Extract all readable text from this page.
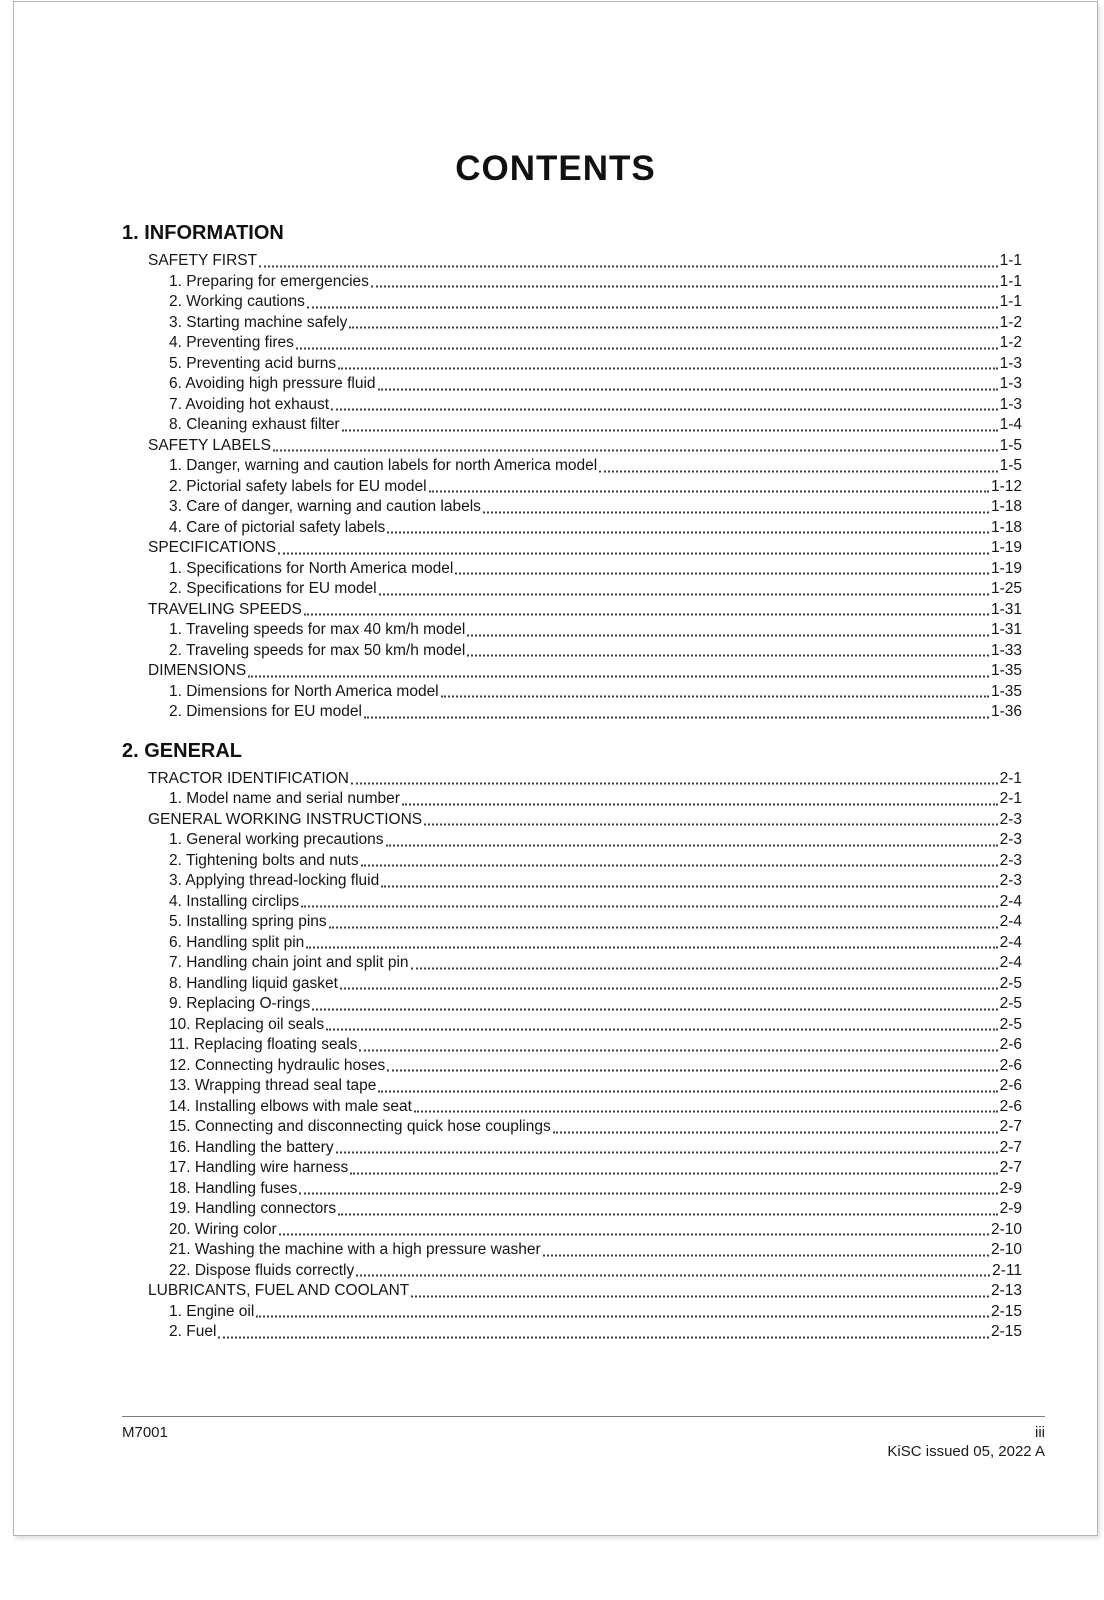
CONTENTS
1. INFORMATION
SAFETY FIRST	1-1
1. Preparing for emergencies	1-1
2. Working cautions	1-1
3. Starting machine safely	1-2
4. Preventing fires	1-2
5. Preventing acid burns	1-3
6. Avoiding high pressure fluid	1-3
7. Avoiding hot exhaust	1-3
8. Cleaning exhaust filter	1-4
SAFETY LABELS	1-5
1. Danger, warning and caution labels for north America model	1-5
2. Pictorial safety labels for EU model	1-12
3. Care of danger, warning and caution labels	1-18
4. Care of pictorial safety labels	1-18
SPECIFICATIONS	1-19
1. Specifications for North America model	1-19
2. Specifications for EU model	1-25
TRAVELING SPEEDS	1-31
1. Traveling speeds for max 40 km/h model	1-31
2. Traveling speeds for max 50 km/h model	1-33
DIMENSIONS	1-35
1. Dimensions for North America model	1-35
2. Dimensions for EU model	1-36
2. GENERAL
TRACTOR IDENTIFICATION	2-1
1. Model name and serial number	2-1
GENERAL WORKING INSTRUCTIONS	2-3
1. General working precautions	2-3
2. Tightening bolts and nuts	2-3
3. Applying thread-locking fluid	2-3
4. Installing circlips	2-4
5. Installing spring pins	2-4
6. Handling split pin	2-4
7. Handling chain joint and split pin	2-4
8. Handling liquid gasket	2-5
9. Replacing O-rings	2-5
10. Replacing oil seals	2-5
11. Replacing floating seals	2-6
12. Connecting hydraulic hoses	2-6
13. Wrapping thread seal tape	2-6
14. Installing elbows with male seat	2-6
15. Connecting and disconnecting quick hose couplings	2-7
16. Handling the battery	2-7
17. Handling wire harness	2-7
18. Handling fuses	2-9
19. Handling connectors	2-9
20. Wiring color	2-10
21. Washing the machine with a high pressure washer	2-10
22. Dispose fluids correctly	2-11
LUBRICANTS, FUEL AND COOLANT	2-13
1. Engine oil	2-15
2. Fuel	2-15
M7001	iii
KiSC issued 05, 2022 A
